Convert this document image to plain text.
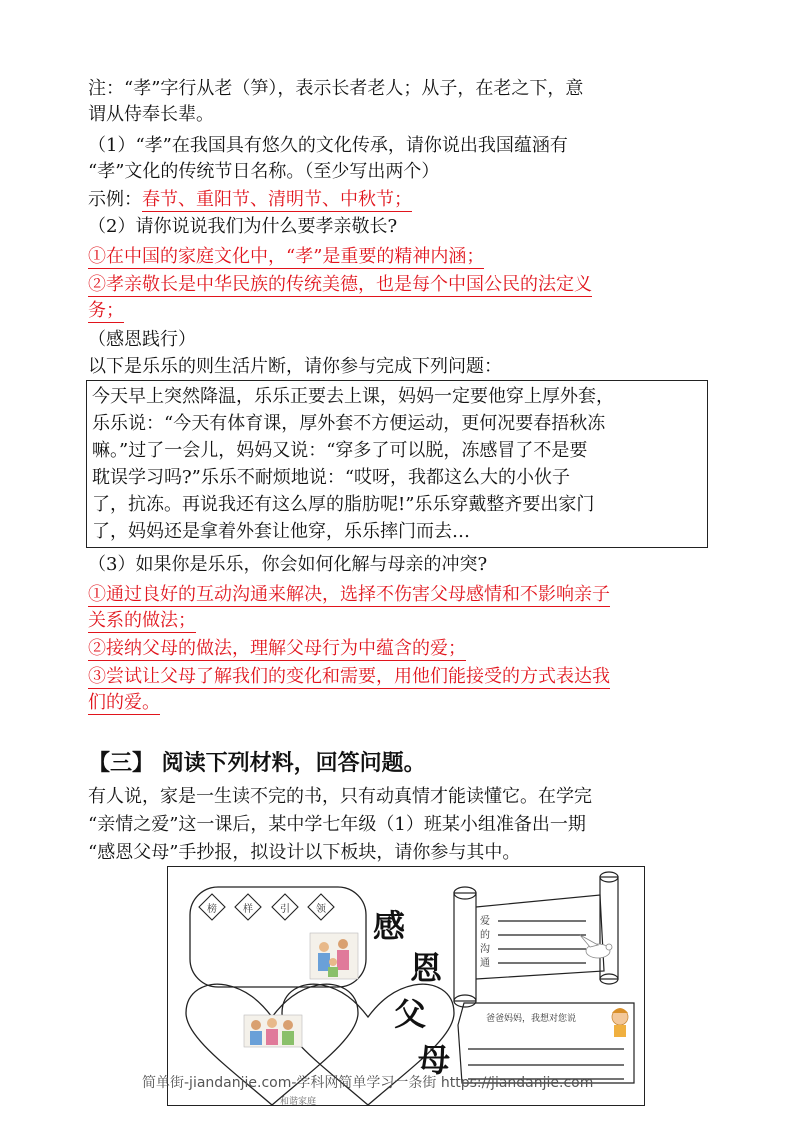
注：“孝”字行从老（笋），表示长者老人；从子，在老之下，意
谓从侍奉长辈。
（1）“孝”在我国具有悠久的文化传承，请你说出我国蕴涵有
“孝”文化的传统节日名称。（至少写出两个）
示例：春节、重阳节、清明节、中秋节；
（2）请你说说我们为什么要孝亲敬长?
①在中国的家庭文化中，“孝”是重要的精神内涵；
②孝亲敬长是中华民族的传统美德，也是每个中国公民的法定义
务；
（感恩践行）
以下是乐乐的则生活片断，请你参与完成下列问题：
今天早上突然降温，乐乐正要去上课，妈妈一定要他穿上厚外套，
乐乐说：“今天有体育课，厚外套不方便运动，更何况要春捂秋冻
嘛。”过了一会儿，妈妈又说：“穿多了可以脱，冻感冒了不是要
耽误学习吗?”乐乐不耐烦地说：“哎呀，我都这么大的小伙子
了，抗冻。再说我还有这么厚的脂肪呢!”乐乐穿戴整齐要出家门
了，妈妈还是拿着外套让他穿，乐乐摔门而去…
（3）如果你是乐乐，你会如何化解与母亲的冲突?
①通过良好的互动沟通来解决，选择不伤害父母感情和不影响亲子
关系的做法；
②接纳父母的做法，理解父母行为中蕴含的爱；
③尝试让父母了解我们的变化和需要，用他们能接受的方式表达我
们的爱。
【三】 阅读下列材料，回答问题。
有人说，家是一生读不完的书，只有动真情才能读懂它。在学完
“亲情之爱”这一课后，某中学七年级（1）班某小组准备出一期
“感恩父母”手抄报，拟设计以下板块，请你参与其中。
榜	样	引	领 感
恩
父
母
爱
的
沟
通
爸爸妈妈，我想对您说
简单街-jiandanjie.com-学科网简单学习一条街 https://jiandanjie.com
和谐家庭
